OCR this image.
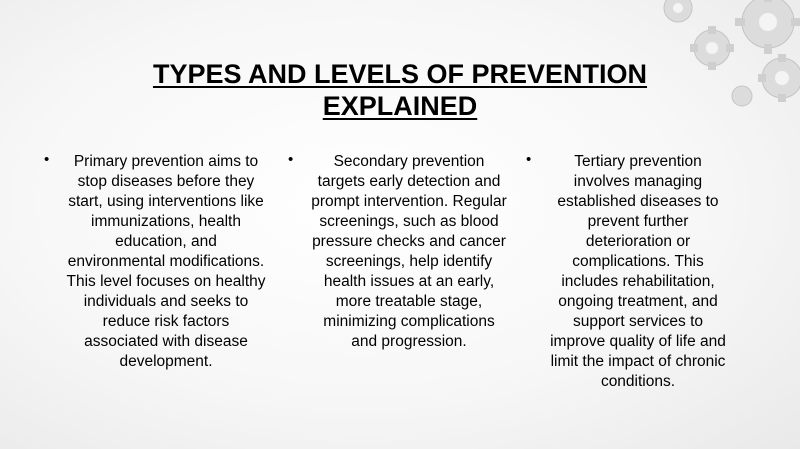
TYPES AND LEVELS OF PREVENTION EXPLAINED
• Primary prevention aims to stop diseases before they start, using interventions like immunizations, health education, and environmental modifications. This level focuses on healthy individuals and seeks to reduce risk factors associated with disease development.
•	Secondary prevention targets early detection and prompt intervention. Regular screenings, such as blood pressure checks and cancer screenings, help identify health issues at an early, more treatable stage, minimizing complications and progression.
•	Tertiary prevention involves managing established diseases to prevent further deterioration or complications. This includes rehabilitation, ongoing treatment, and support services to improve quality of life and limit the impact of chronic conditions.
